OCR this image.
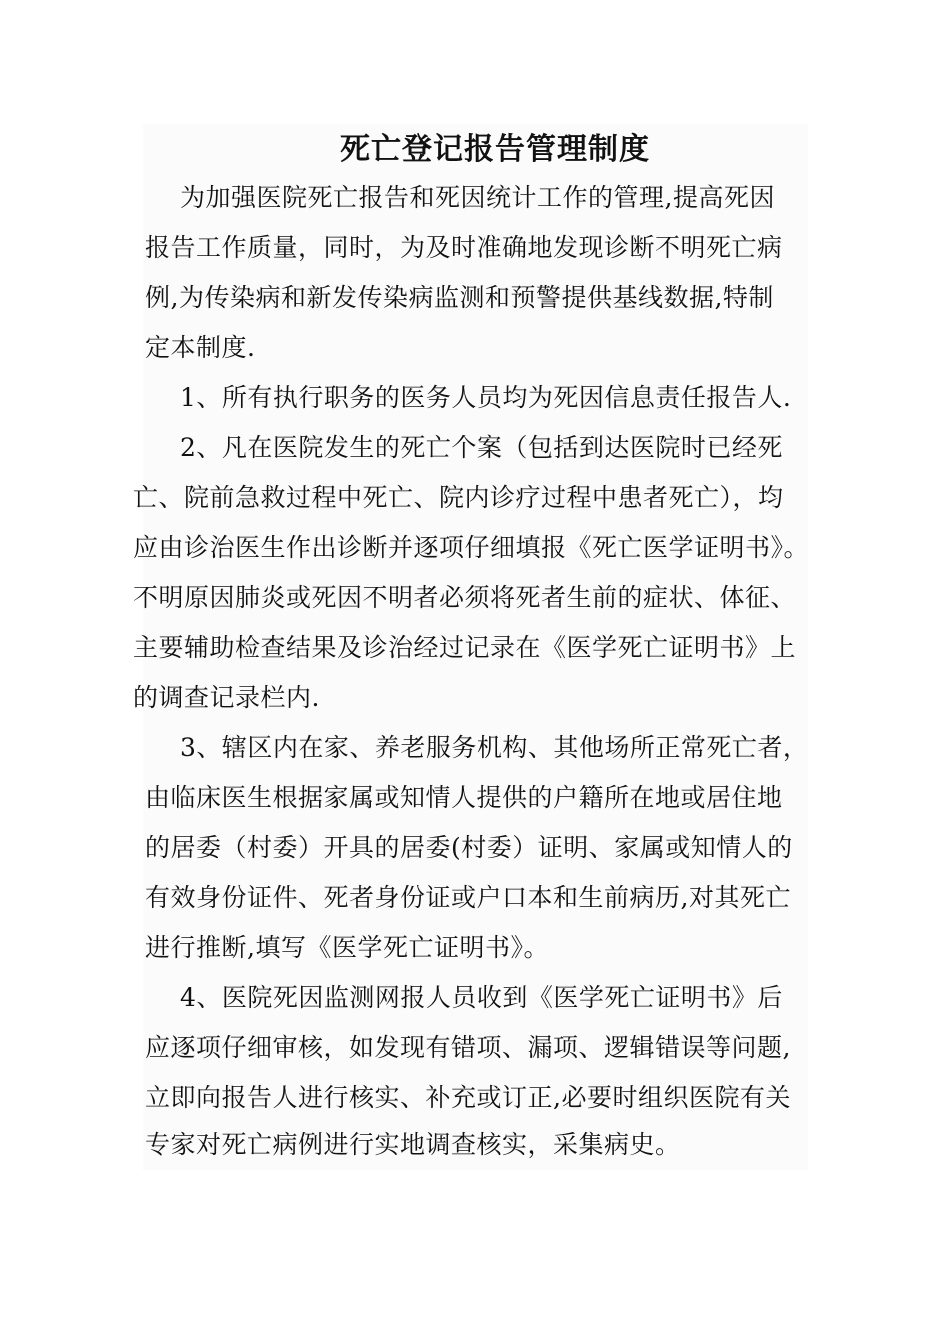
死亡登记报告管理制度
为加强医院死亡报告和死因统计工作的管理,提高死因
报告工作质量，同时，为及时准确地发现诊断不明死亡病
例,为传染病和新发传染病监测和预警提供基线数据,特制
定本制度.
1、所有执行职务的医务人员均为死因信息责任报告人.
2、凡在医院发生的死亡个案（包括到达医院时已经死
亡、院前急救过程中死亡、院内诊疗过程中患者死亡），均
应由诊治医生作出诊断并逐项仔细填报《死亡医学证明书》。
不明原因肺炎或死因不明者必须将死者生前的症状、体征、
主要辅助检查结果及诊治经过记录在《医学死亡证明书》上
的调查记录栏内.
3、辖区内在家、养老服务机构、其他场所正常死亡者，
由临床医生根据家属或知情人提供的户籍所在地或居住地
的居委（村委）开具的居委(村委）证明、家属或知情人的
有效身份证件、死者身份证或户口本和生前病历,对其死亡
进行推断,填写《医学死亡证明书》。
4、医院死因监测网报人员收到《医学死亡证明书》后
应逐项仔细审核，如发现有错项、漏项、逻辑错误等问题,
立即向报告人进行核实、补充或订正,必要时组织医院有关
专家对死亡病例进行实地调查核实，采集病史。
